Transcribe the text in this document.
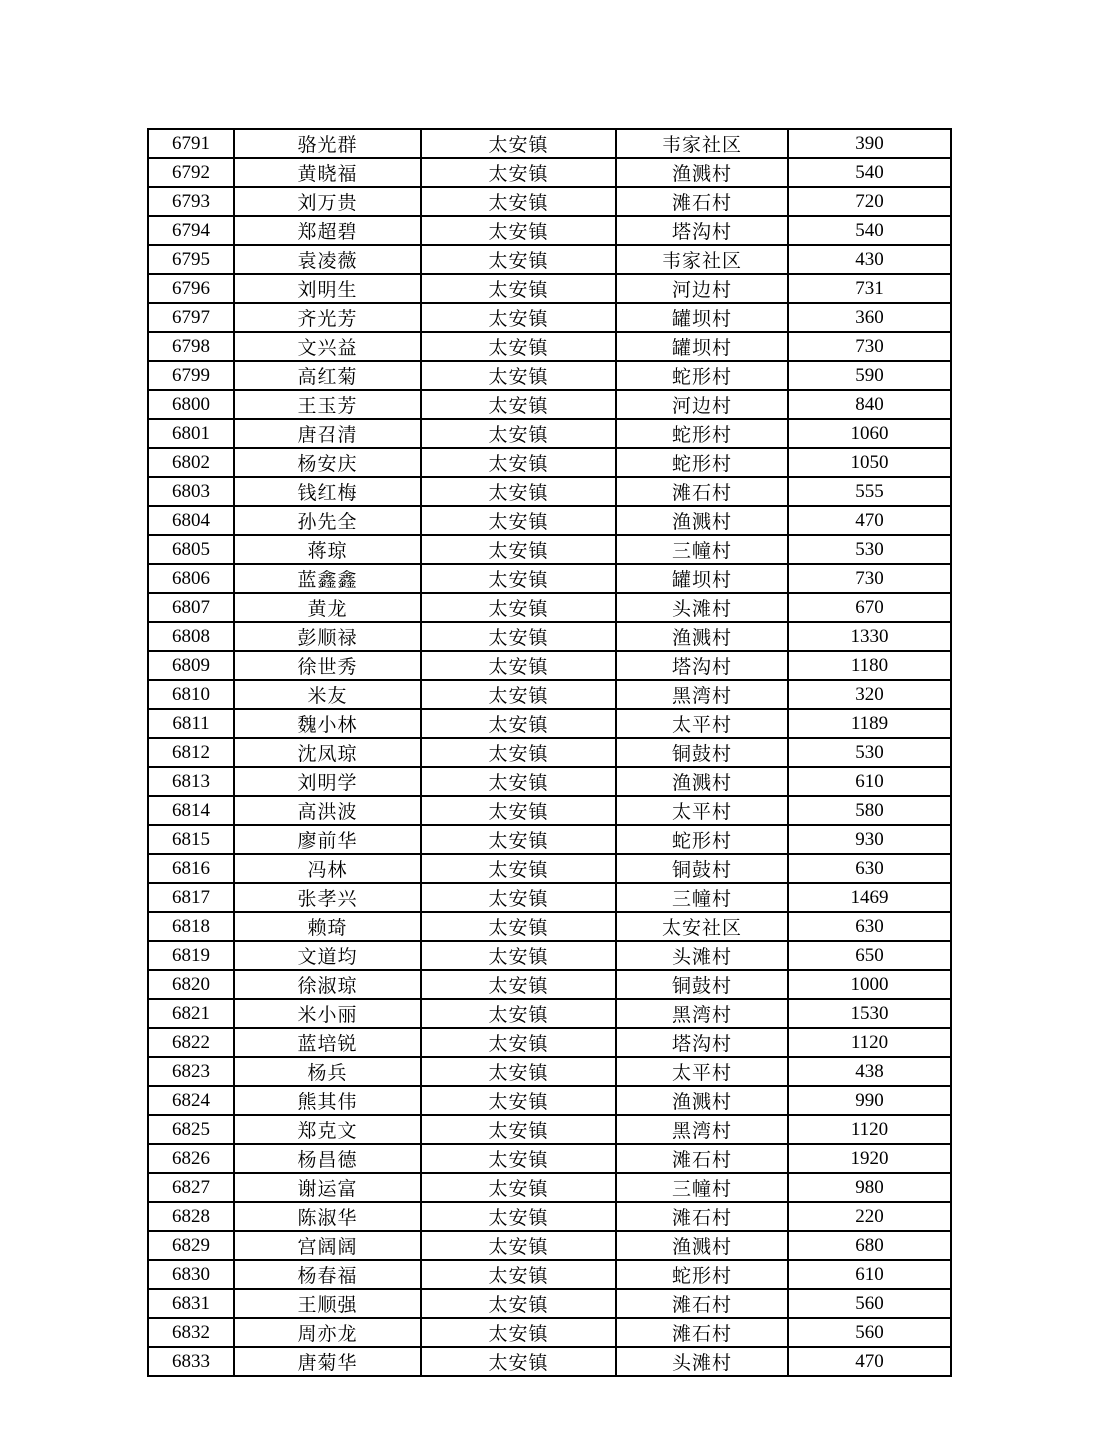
6791	骆光群	太安镇	韦家社区	390
6792	黄晓福	太安镇	渔溅村	540
6793	刘万贵	太安镇	滩石村	720
6794	郑超碧	太安镇	塔沟村	540
6795	袁凌薇	太安镇	韦家社区	430
6796	刘明生	太安镇	河边村	731
6797	齐光芳	太安镇	罐坝村	360
6798	文兴益	太安镇	罐坝村	730
6799	高红菊	太安镇	蛇形村	590
6800	王玉芳	太安镇	河边村	840
6801	唐召清	太安镇	蛇形村	1060
6802	杨安庆	太安镇	蛇形村	1050
6803	钱红梅	太安镇	滩石村	555
6804	孙先全	太安镇	渔溅村	470
6805	蒋琼	太安镇	三幢村	530
6806	蓝鑫鑫	太安镇	罐坝村	730
6807	黄龙	太安镇	头滩村	670
6808	彭顺禄	太安镇	渔溅村	1330
6809	徐世秀	太安镇	塔沟村	1180
6810	米友	太安镇	黑湾村	320
6811	魏小林	太安镇	太平村	1189
6812	沈凤琼	太安镇	铜鼓村	530
6813	刘明学	太安镇	渔溅村	610
6814	高洪波	太安镇	太平村	580
6815	廖前华	太安镇	蛇形村	930
6816	冯林	太安镇	铜鼓村	630
6817	张孝兴	太安镇	三幢村	1469
6818	赖琦	太安镇	太安社区	630
6819	文道均	太安镇	头滩村	650
6820	徐淑琼	太安镇	铜鼓村	1000
6821	米小丽	太安镇	黑湾村	1530
6822	蓝培锐	太安镇	塔沟村	1120
6823	杨兵	太安镇	太平村	438
6824	熊其伟	太安镇	渔溅村	990
6825	郑克文	太安镇	黑湾村	1120
6826	杨昌德	太安镇	滩石村	1920
6827	谢运富	太安镇	三幢村	980
6828	陈淑华	太安镇	滩石村	220
6829	宫阔阔	太安镇	渔溅村	680
6830	杨春福	太安镇	蛇形村	610
6831	王顺强	太安镇	滩石村	560
6832	周亦龙	太安镇	滩石村	560
6833	唐菊华	太安镇	头滩村	470
